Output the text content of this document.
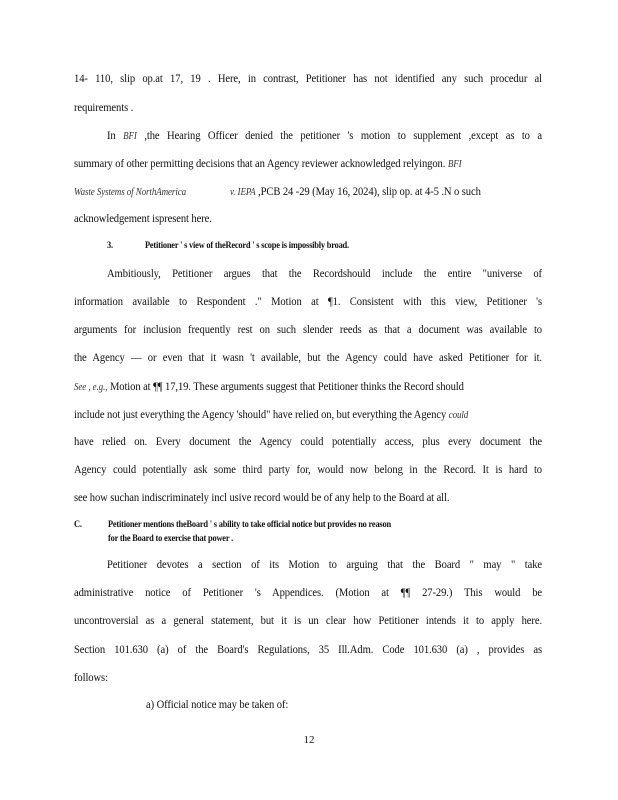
14- 110, slip op.at 17, 19 . Here, in contrast, Petitioner has not identified any such procedur al
requirements .
In BFI ,the Hearing Officer denied the petitioner 's motion to supplement ,except as to a
summary of other permitting decisions that an Agency reviewer acknowledged relyingon. BFI
Waste Systems of NorthAmerica	v. IEPA ,PCB 24 -29 (May 16, 2024), slip op. at 4-5 .N o such
acknowledgement ispresent here.
3.	Petitioner ' s view of theRecord ' s scope is impossibly broad.
Ambitiously, Petitioner argues that the Recordshould include the entire "universe of
information available to Respondent ." Motion at ¶1. Consistent with this view, Petitioner 's
arguments for inclusion frequently rest on such slender reeds as that a document was available to
the Agency — or even that it wasn 't available, but the Agency could have asked Petitioner for it.
See , e.g., Motion at ¶¶ 17,19. These arguments suggest that Petitioner thinks the Record should
include not just everything the Agency 'should" have relied on, but everything the Agency could
have relied on. Every document the Agency could potentially access, plus every document the
Agency could potentially ask some third party for, would now belong in the Record. It is hard to
see how suchan indiscriminately incl usive record would be of any help to the Board at all.
C.	Petitioner mentions theBoard ' s ability to take official notice but provides no reason
for the Board to exercise that power .
Petitioner devotes a section of its Motion to arguing that the Board " may " take
administrative notice of Petitioner 's Appendices. (Motion at ¶¶ 27-29.) This would be
uncontroversial as a general statement, but it is un clear how Petitioner intends it to apply here.
Section 101.630 (a) of the Board's Regulations, 35 Ill.Adm. Code 101.630 (a) , provides as
follows:
a) Official notice may be taken of:
12
